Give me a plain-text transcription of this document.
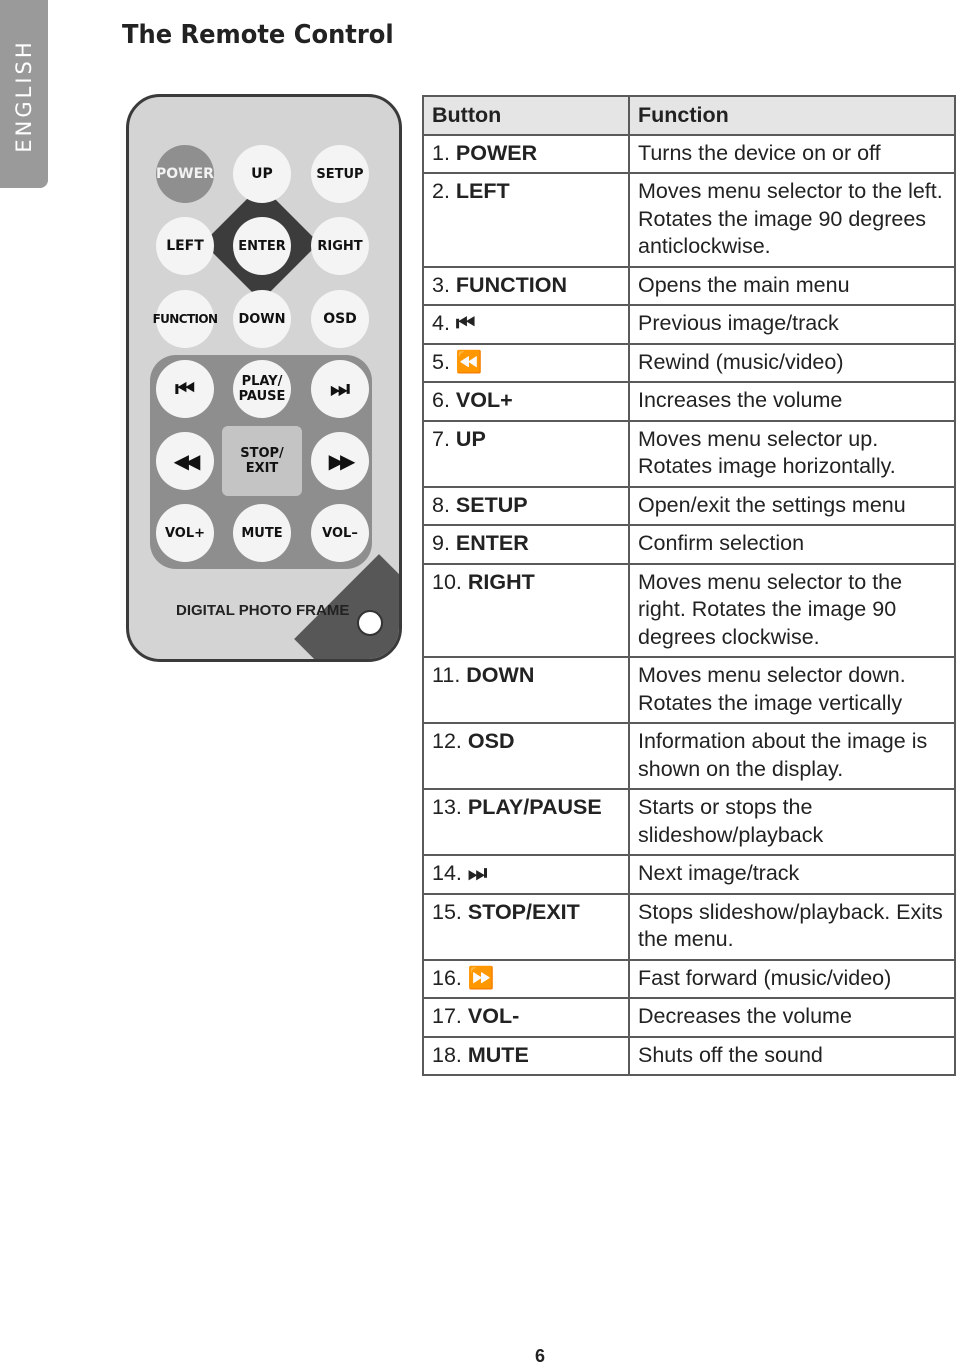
ENGLISH
The Remote Control
POWER	UP	SETUP
LEFT	ENTER	RIGHT
FUNCTION	DOWN	OSD
⏮	PLAY/
PAUSE	⏭
◀◀	STOP/
EXIT	▶▶
VOL+	MUTE	VOL–
DIGITAL PHOTO FRAME
Button	Function
1. POWER	Turns the device on or off
2. LEFT	Moves menu selector to the left. Rotates the image 90 degrees anticlockwise.
3. FUNCTION	Opens the main menu
4. ⏮	Previous image/track
5. ⏪	Rewind (music/video)
6. VOL+	Increases the volume
7. UP	Moves menu selector up. Rotates image horizontally.
8. SETUP	Open/exit the settings menu
9. ENTER	Confirm selection
10. RIGHT	Moves menu selector to the right. Rotates the image 90 degrees clockwise.
11. DOWN	Moves menu selector down. Rotates the image vertically
12. OSD	Information about the image is shown on the display.
13. PLAY/PAUSE	Starts or stops the slideshow/playback
14. ⏭	Next image/track
15. STOP/EXIT	Stops slideshow/playback. Exits the menu.
16. ⏩	Fast forward (music/video)
17. VOL-	Decreases the volume
18. MUTE	Shuts off the sound
6
